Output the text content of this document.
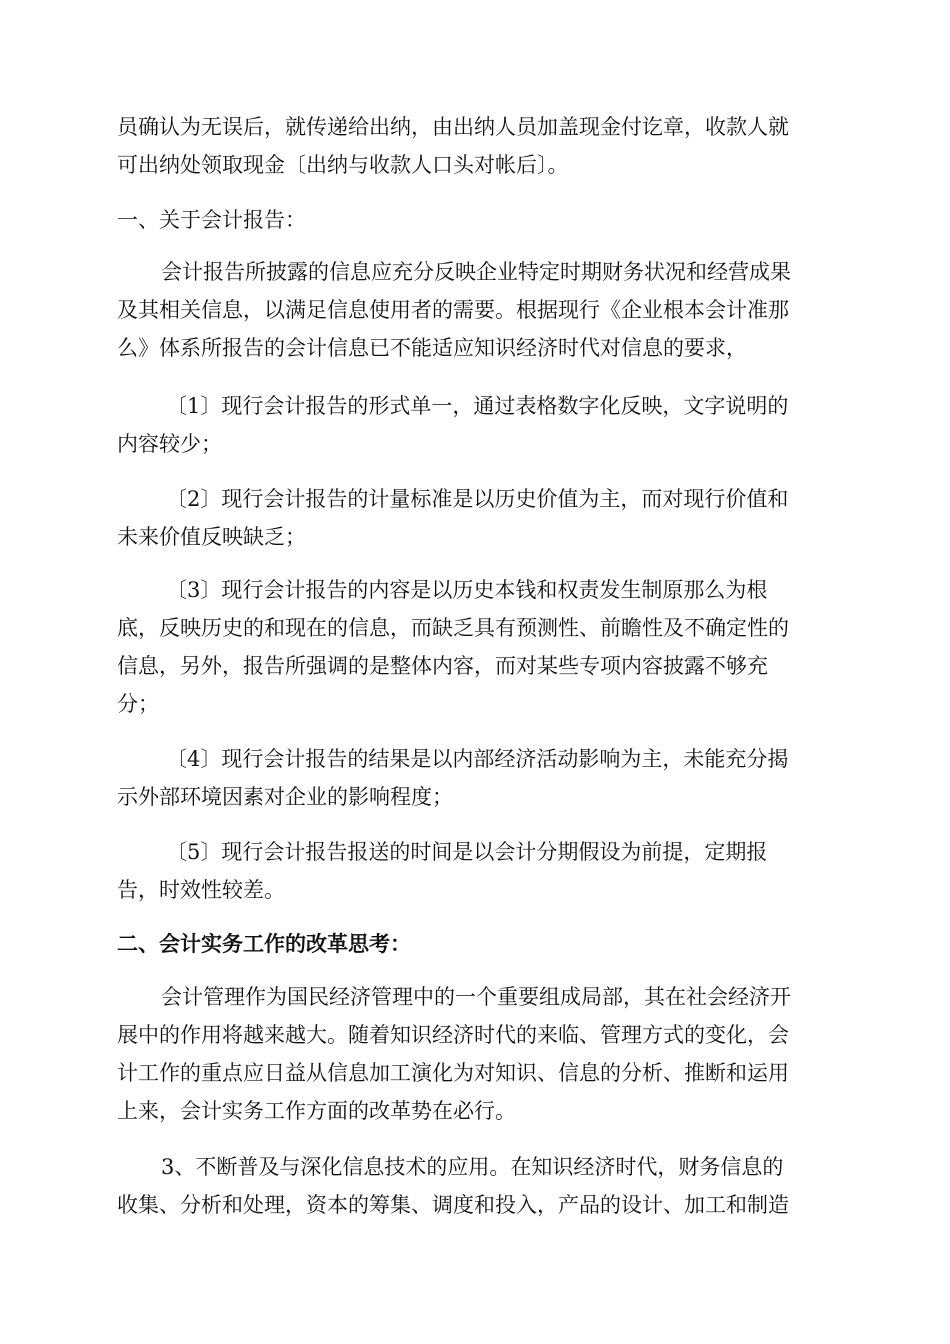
员确认为无误后，就传递给出纳，由出纳人员加盖现金付讫章，收款人就
可出纳处领取现金〔出纳与收款人口头对帐后〕。
一、关于会计报告：
会计报告所披露的信息应充分反映企业特定时期财务状况和经营成果
及其相关信息，以满足信息使用者的需要。根据现行《企业根本会计准那
么》体系所报告的会计信息已不能适应知识经济时代对信息的要求，
〔1〕现行会计报告的形式单一，通过表格数字化反映，文字说明的
内容较少；
〔2〕现行会计报告的计量标准是以历史价值为主，而对现行价值和
未来价值反映缺乏；
〔3〕现行会计报告的内容是以历史本钱和权责发生制原那么为根
底，反映历史的和现在的信息，而缺乏具有预测性、前瞻性及不确定性的
信息，另外，报告所强调的是整体内容，而对某些专项内容披露不够充
分；
〔4〕现行会计报告的结果是以内部经济活动影响为主，未能充分揭
示外部环境因素对企业的影响程度；
〔5〕现行会计报告报送的时间是以会计分期假设为前提，定期报
告，时效性较差。
二、会计实务工作的改革思考：
会计管理作为国民经济管理中的一个重要组成局部，其在社会经济开
展中的作用将越来越大。随着知识经济时代的来临、管理方式的变化，会
计工作的重点应日益从信息加工演化为对知识、信息的分析、推断和运用
上来，会计实务工作方面的改革势在必行。
3、不断普及与深化信息技术的应用。在知识经济时代，财务信息的
收集、分析和处理，资本的筹集、调度和投入，产品的设计、加工和制造
